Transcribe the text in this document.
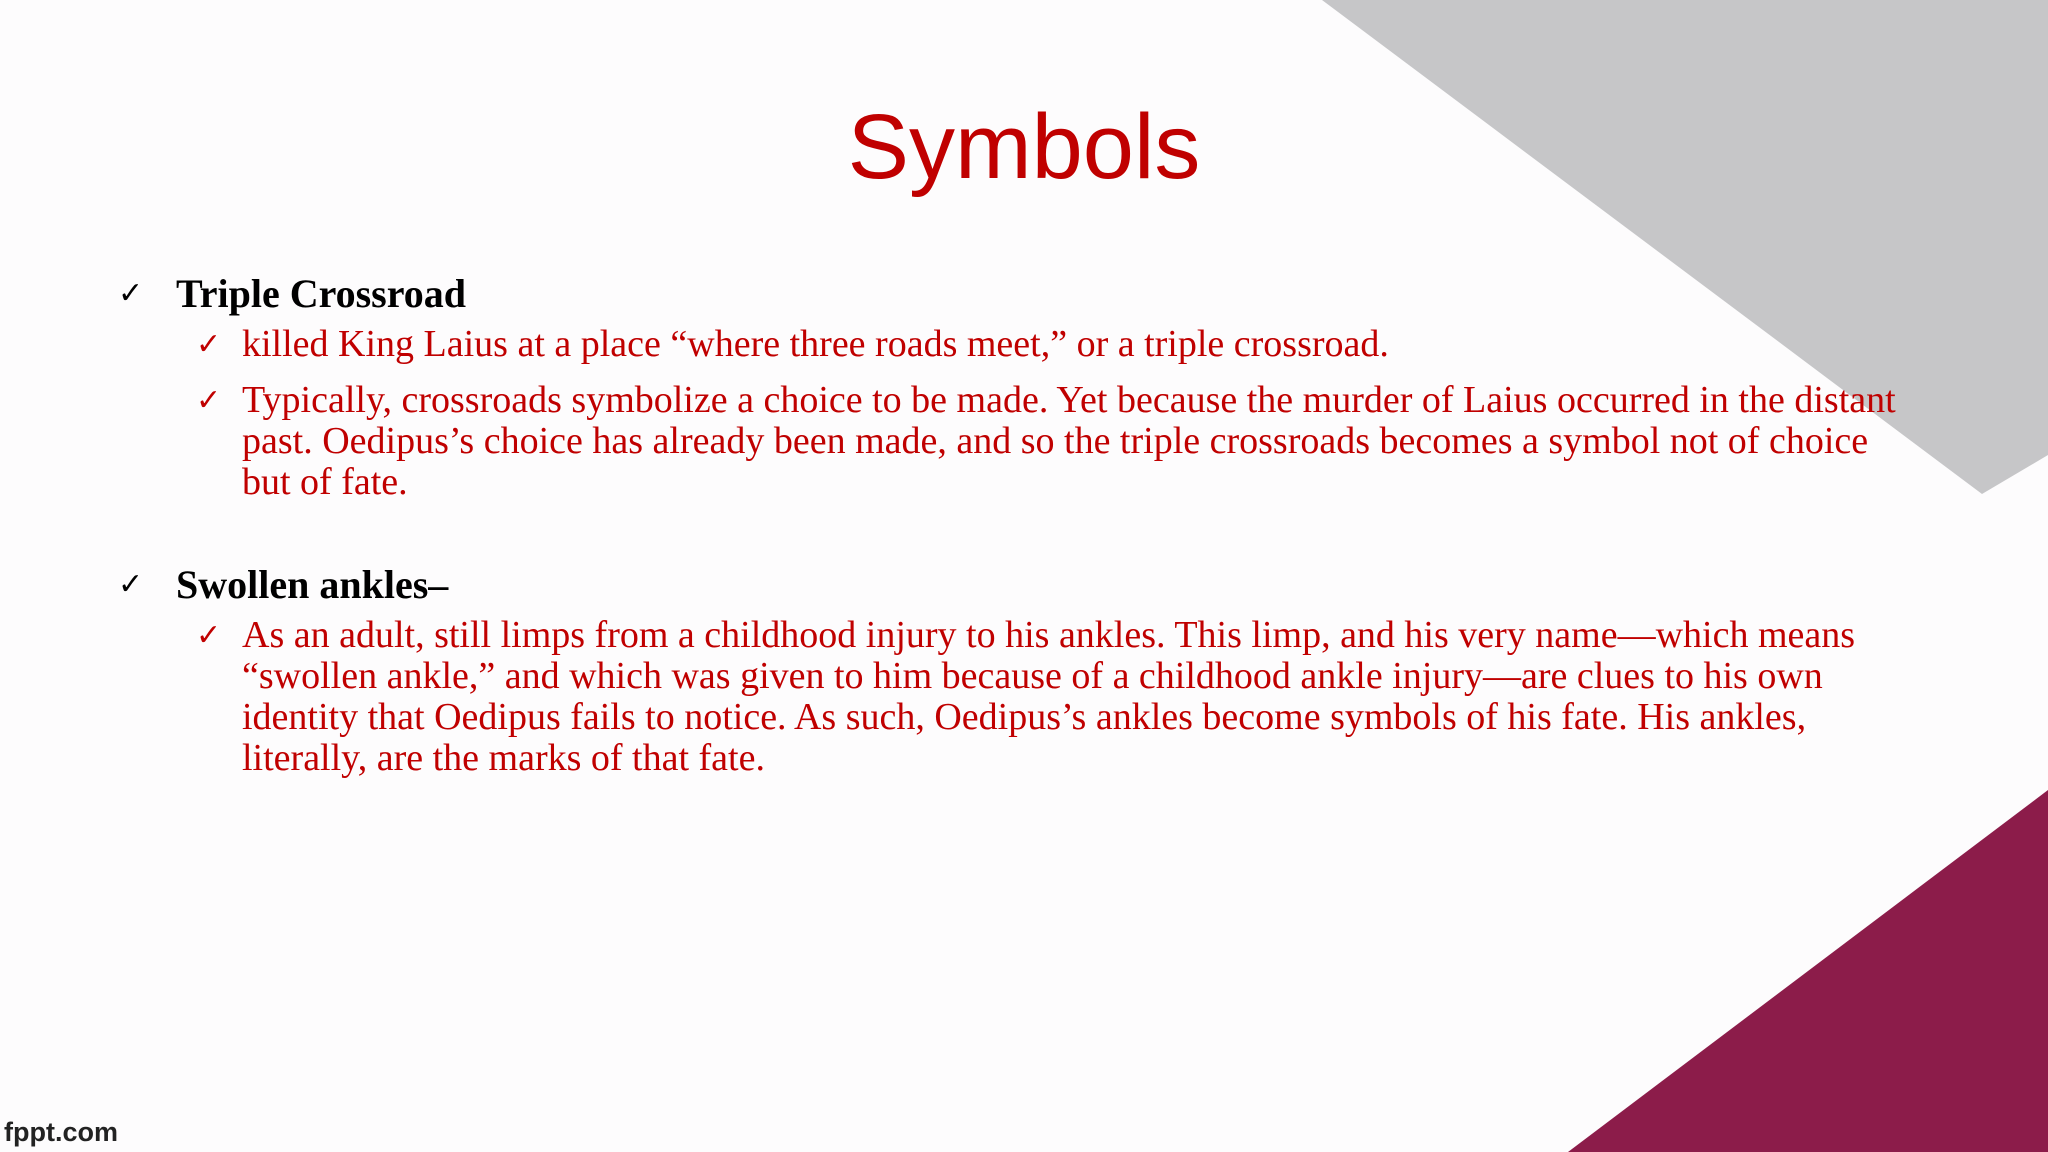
Symbols
✓ Triple Crossroad
✓ killed King Laius at a place “where three roads meet,” or a triple crossroad.
✓ Typically, crossroads symbolize a choice to be made. Yet because the murder of Laius occurred in the distant past. Oedipus’s choice has already been made, and so the triple crossroads becomes a symbol not of choice but of fate.
✓ Swollen ankles–
✓ As an adult, still limps from a childhood injury to his ankles. This limp, and his very name—which means “swollen ankle,” and which was given to him because of a childhood ankle injury—are clues to his own identity that Oedipus fails to notice. As such, Oedipus’s ankles become symbols of his fate. His ankles, literally, are the marks of that fate.
fppt.com
